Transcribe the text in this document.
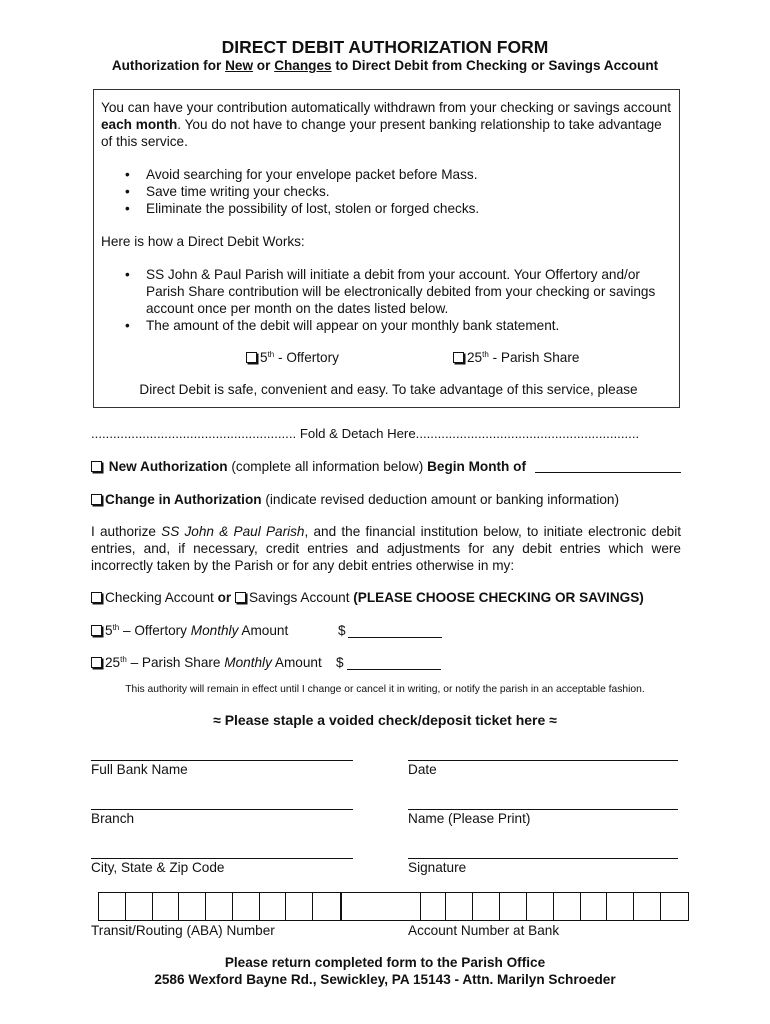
DIRECT DEBIT AUTHORIZATION FORM
Authorization for New or Changes to Direct Debit from Checking or Savings Account
You can have your contribution automatically withdrawn from your checking or savings account each month. You do not have to change your present banking relationship to take advantage of this service.
• Avoid searching for your envelope packet before Mass.
• Save time writing your checks.
• Eliminate the possibility of lost, stolen or forged checks.
Here is how a Direct Debit Works:
• SS John & Paul Parish will initiate a debit from your account. Your Offertory and/or Parish Share contribution will be electronically debited from your checking or savings account once per month on the dates listed below.
• The amount of the debit will appear on your monthly bank statement.
5th - Offertory	25th - Parish Share
Direct Debit is safe, convenient and easy. To take advantage of this service, please
........................................................ Fold & Detach Here.............................................................
New Authorization (complete all information below) Begin Month of
Change in Authorization (indicate revised deduction amount or banking information)
I authorize SS John & Paul Parish, and the financial institution below, to initiate electronic debit entries, and, if necessary, credit entries and adjustments for any debit entries which were incorrectly taken by the Parish or for any debit entries otherwise in my:
Checking Account or Savings Account (PLEASE CHOOSE CHECKING OR SAVINGS)
5th – Offertory Monthly Amount	$
25th – Parish Share Monthly Amount $
This authority will remain in effect until I change or cancel it in writing, or notify the parish in an acceptable fashion.
≈ Please staple a voided check/deposit ticket here ≈
Full Bank Name	Date
Branch	Name (Please Print)
City, State & Zip Code	Signature
Transit/Routing (ABA) Number	Account Number at Bank
Please return completed form to the Parish Office
2586 Wexford Bayne Rd., Sewickley, PA 15143 - Attn. Marilyn Schroeder
